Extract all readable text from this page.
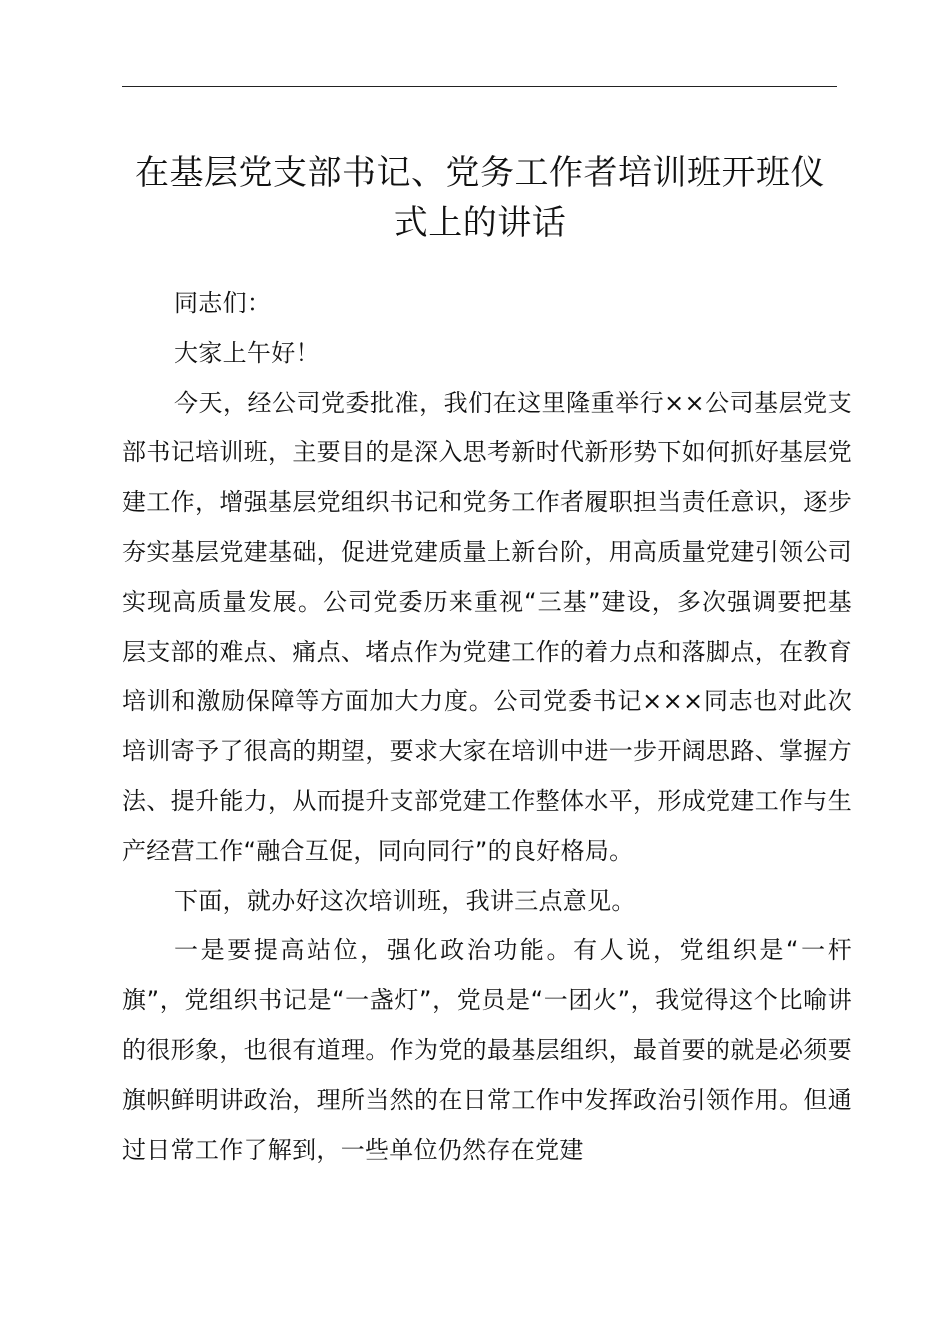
在基层党支部书记、党务工作者培训班开班仪
式上的讲话

同志们：

大家上午好！

今天，经公司党委批准，我们在这里隆重举行××公司基层党支部书记培训班，主要目的是深入思考新时代新形势下如何抓好基层党建工作，增强基层党组织书记和党务工作者履职担当责任意识，逐步夯实基层党建基础，促进党建质量上新台阶，用高质量党建引领公司实现高质量发展。公司党委历来重视“三基”建设，多次强调要把基层支部的难点、痛点、堵点作为党建工作的着力点和落脚点，在教育培训和激励保障等方面加大力度。公司党委书记×××同志也对此次培训寄予了很高的期望，要求大家在培训中进一步开阔思路、掌握方法、提升能力，从而提升支部党建工作整体水平，形成党建工作与生产经营工作“融合互促，同向同行”的良好格局。

下面，就办好这次培训班，我讲三点意见。

一是要提高站位，强化政治功能。有人说，党组织是“一杆旗”，党组织书记是“一盏灯”，党员是“一团火”，我觉得这个比喻讲的很形象，也很有道理。作为党的最基层组织，最首要的就是必须要旗帜鲜明讲政治，理所当然的在日常工作中发挥政治引领作用。但通过日常工作了解到，一些单位仍然存在党建
